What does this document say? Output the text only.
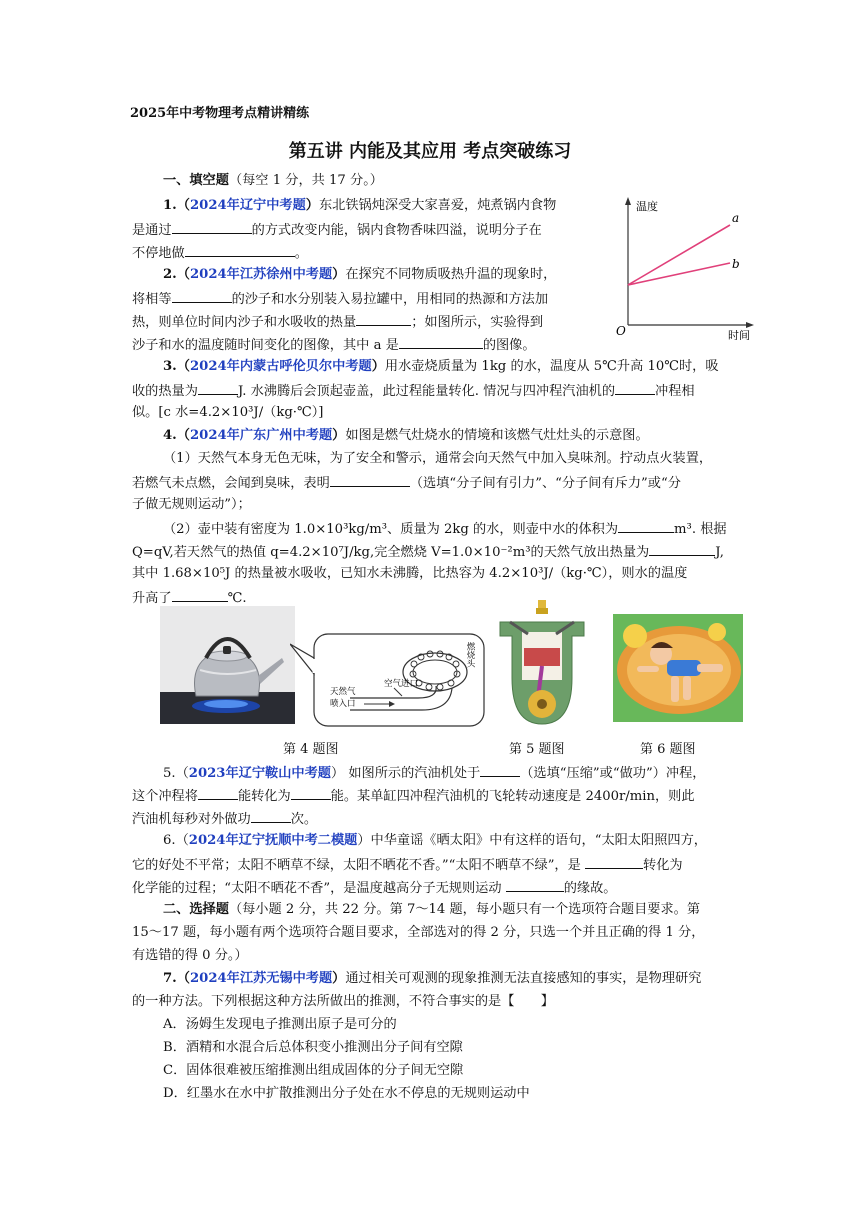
2025年中考物理考点精讲精练
第五讲 内能及其应用 考点突破练习
一、填空题（每空 1 分，共 17 分。）
1.（2024年辽宁中考题）东北铁锅炖深受大家喜爱，炖煮锅内食物
是通过	的方式改变内能，锅内食物香味四溢，说明分子在
不停地做	。
2.（2024年江苏徐州中考题）在探究不同物质吸热升温的现象时，
将相等	的沙子和水分别装入易拉罐中，用相同的热源和方法加
热，则单位时间内沙子和水吸收的热量	；如图所示，实验得到
沙子和水的温度随时间变化的图像，其中 a 是	的图像。
温度
时间
O
a
b
3.（2024年内蒙古呼伦贝尔中考题）用水壶烧质量为 1kg 的水，温度从 5℃升高 10℃时，吸
收的热量为	J. 水沸腾后会顶起壶盖，此过程能量转化. 情况与四冲程汽油机的	冲程相
似。[c 水=4.2×10³J/（kg·℃）]
4.（2024年广东广州中考题）如图是燃气灶烧水的情境和该燃气灶灶头的示意图。
（1）天然气本身无色无味，为了安全和警示，通常会向天然气中加入臭味剂。拧动点火装置，
若燃气未点燃，会闻到臭味，表明	（选填“分子间有引力”、“分子间有斥力”或“分
子做无规则运动”）；
（2）壶中装有密度为 1.0×10³kg/m³、质量为 2kg 的水，则壶中水的体积为	m³. 根据
Q=qV,若天然气的热值 q=4.2×10⁷J/kg,完全燃烧 V=1.0×10⁻²m³的天然气放出热量为	J,
其中 1.68×10⁵J 的热量被水吸收，已知水未沸腾，比热容为 4.2×10³J/（kg·℃），则水的温度
升高了	℃.
空气进口
天然气
喷入口
燃烧头
第 4 题图	第 5 题图	第 6 题图
5.（2023年辽宁鞍山中考题） 如图所示的汽油机处于	（选填“压缩”或“做功”）冲程，
这个冲程将	能转化为	能。某单缸四冲程汽油机的飞轮转动速度是 2400r/min，则此
汽油机每秒对外做功	次。
6.（2024年辽宁抚顺中考二模题）中华童谣《晒太阳》中有这样的语句，“太阳太阳照四方，
它的好处不平常；太阳不晒草不绿，太阳不晒花不香。”“太阳不晒草不绿”，是	转化为
化学能的过程；“太阳不晒花不香”，是温度越高分子无规则运动	的缘故。
二、选择题（每小题 2 分，共 22 分。第 7～14 题，每小题只有一个选项符合题目要求。第
15～17 题，每小题有两个选项符合题目要求，全部选对的得 2 分，只选一个并且正确的得 1 分，
有选错的得 0 分。）
7.（2024年江苏无锡中考题）通过相关可观测的现象推测无法直接感知的事实，是物理研究
的一种方法。下列根据这种方法所做出的推测，不符合事实的是【　　】
A．汤姆生发现电子推测出原子是可分的
B．酒精和水混合后总体积变小推测出分子间有空隙
C．固体很难被压缩推测出组成固体的分子间无空隙
D．红墨水在水中扩散推测出分子处在水不停息的无规则运动中
